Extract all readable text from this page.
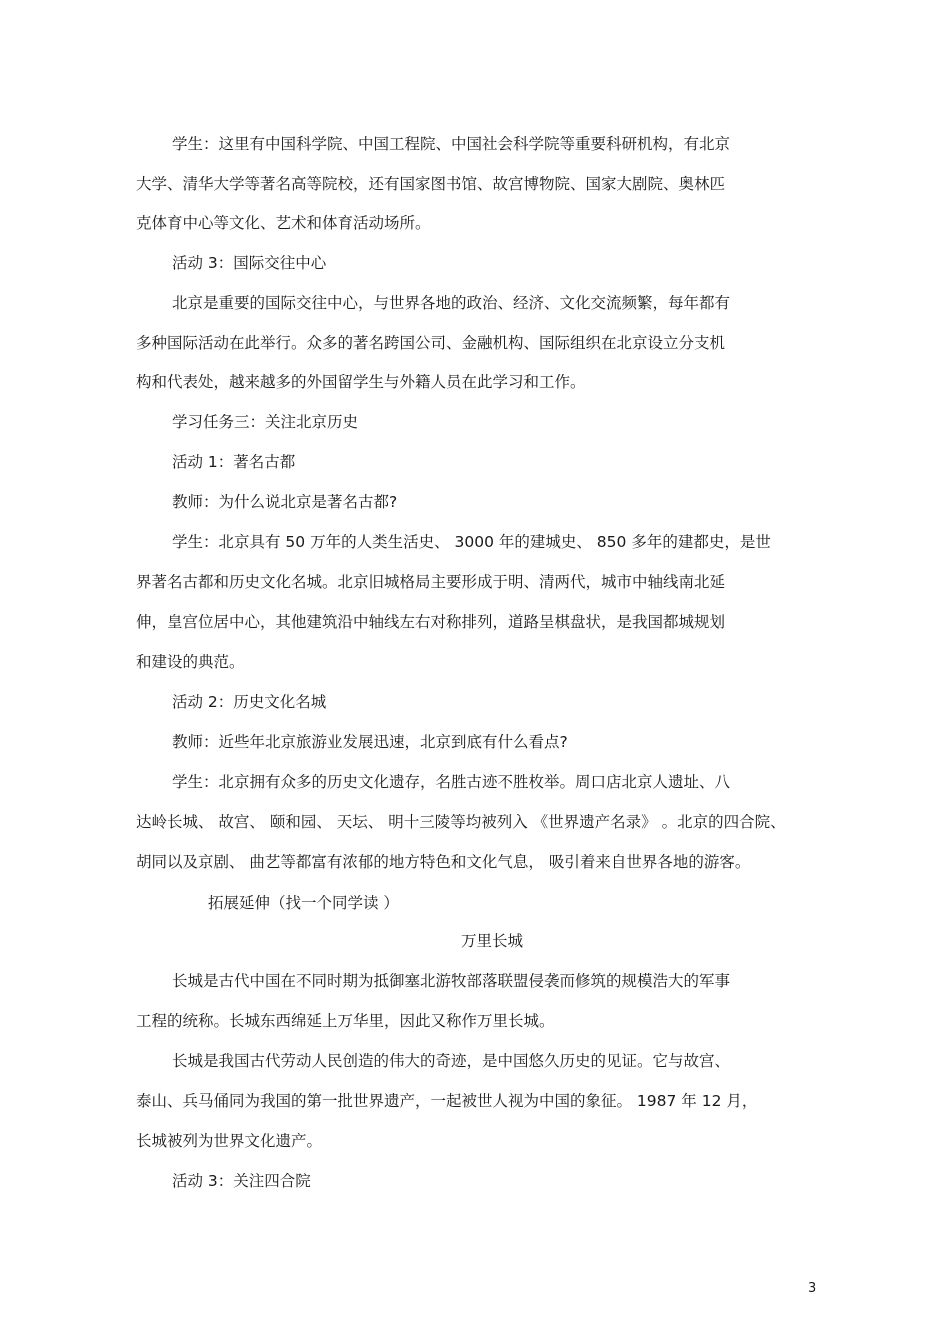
学生：这里有中国科学院、中国工程院、中国社会科学院等重要科研机构，有北京
大学、清华大学等著名高等院校，还有国家图书馆、故宫博物院、国家大剧院、奥林匹
克体育中心等文化、艺术和体育活动场所。
活动 3：国际交往中心
北京是重要的国际交往中心，与世界各地的政治、经济、文化交流频繁，每年都有
多种国际活动在此举行。众多的著名跨国公司、金融机构、国际组织在北京设立分支机
构和代表处，越来越多的外国留学生与外籍人员在此学习和工作。
学习任务三：关注北京历史
活动 1：著名古都
教师：为什么说北京是著名古都?
学生：北京具有 50 万年的人类生活史、 3000 年的建城史、 850 多年的建都史，是世
界著名古都和历史文化名城。北京旧城格局主要形成于明、清两代，城市中轴线南北延
伸，皇宫位居中心，其他建筑沿中轴线左右对称排列，道路呈棋盘状，是我国都城规划
和建设的典范。
活动 2：历史文化名城
教师：近些年北京旅游业发展迅速，北京到底有什么看点?
学生：北京拥有众多的历史文化遗存，名胜古迹不胜枚举。周口店北京人遗址、八
达岭长城、 故宫、 颐和园、 天坛、 明十三陵等均被列入 《世界遗产名录》 。北京的四合院、
胡同以及京剧、 曲艺等都富有浓郁的地方特色和文化气息， 吸引着来自世界各地的游客。
拓展延伸（找一个同学读 ）
万里长城
长城是古代中国在不同时期为抵御塞北游牧部落联盟侵袭而修筑的规模浩大的军事
工程的统称。长城东西绵延上万华里，因此又称作万里长城。
长城是我国古代劳动人民创造的伟大的奇迹，是中国悠久历史的见证。它与故宫、
泰山、兵马俑同为我国的第一批世界遗产，一起被世人视为中国的象征。 1987 年 12 月，
长城被列为世界文化遗产。
活动 3：关注四合院
3
